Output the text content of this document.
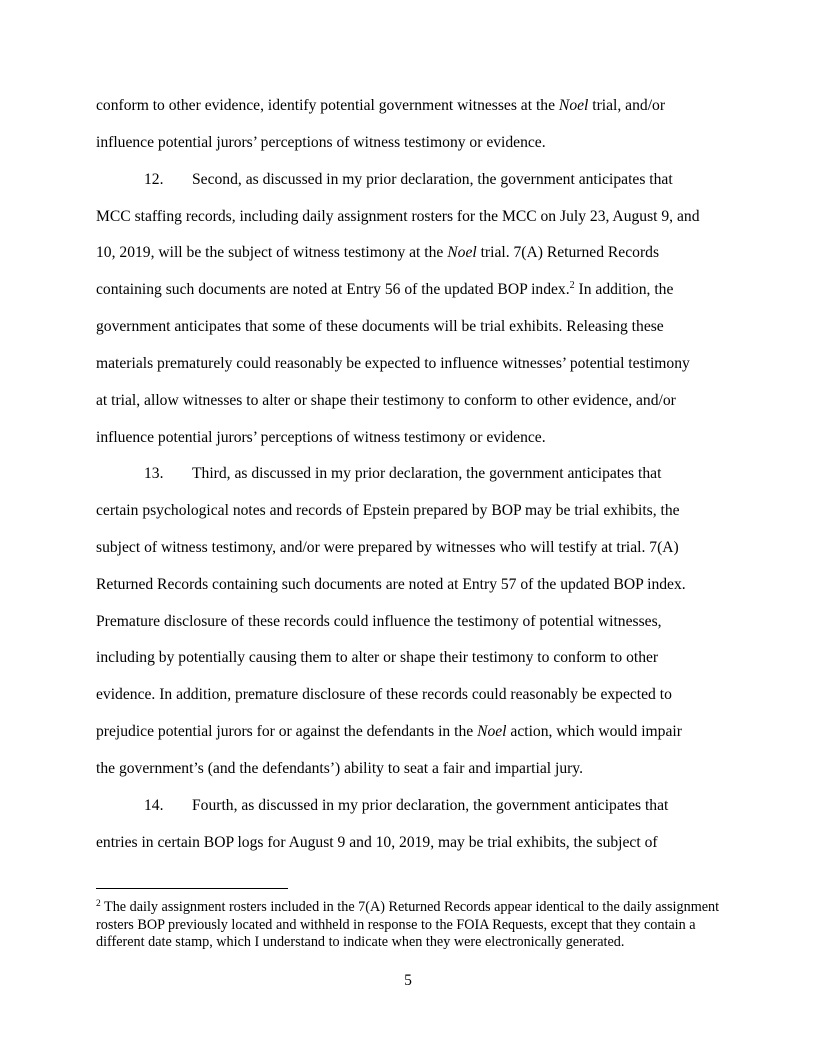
conform to other evidence, identify potential government witnesses at the Noel trial, and/or
influence potential jurors’ perceptions of witness testimony or evidence.
12. Second, as discussed in my prior declaration, the government anticipates that
MCC staffing records, including daily assignment rosters for the MCC on July 23, August 9, and
10, 2019, will be the subject of witness testimony at the Noel trial. 7(A) Returned Records
containing such documents are noted at Entry 56 of the updated BOP index.$^2$ In addition, the
government anticipates that some of these documents will be trial exhibits. Releasing these
materials prematurely could reasonably be expected to influence witnesses’ potential testimony
at trial, allow witnesses to alter or shape their testimony to conform to other evidence, and/or
influence potential jurors’ perceptions of witness testimony or evidence.
13. Third, as discussed in my prior declaration, the government anticipates that
certain psychological notes and records of Epstein prepared by BOP may be trial exhibits, the
subject of witness testimony, and/or were prepared by witnesses who will testify at trial. 7(A)
Returned Records containing such documents are noted at Entry 57 of the updated BOP index.
Premature disclosure of these records could influence the testimony of potential witnesses,
including by potentially causing them to alter or shape their testimony to conform to other
evidence. In addition, premature disclosure of these records could reasonably be expected to
prejudice potential jurors for or against the defendants in the Noel action, which would impair
the government’s (and the defendants’) ability to seat a fair and impartial jury.
14. Fourth, as discussed in my prior declaration, the government anticipates that
entries in certain BOP logs for August 9 and 10, 2019, may be trial exhibits, the subject of
$^2$ The daily assignment rosters included in the 7(A) Returned Records appear identical to the daily assignment rosters BOP previously located and withheld in response to the FOIA Requests, except that they contain a different date stamp, which I understand to indicate when they were electronically generated.
5
